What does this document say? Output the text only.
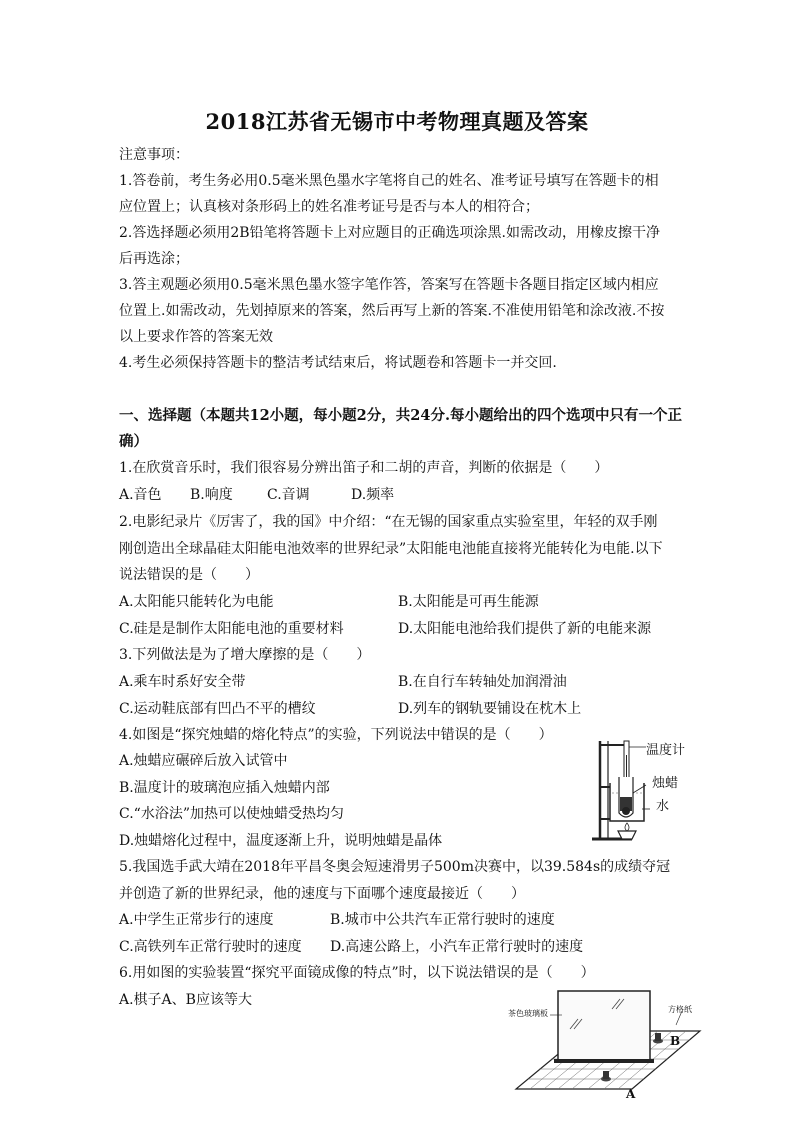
2018江苏省无锡市中考物理真题及答案
注意事项：
1.答卷前，考生务必用0.5毫米黑色墨水字笔将自己的姓名、准考证号填写在答题卡的相
应位置上；认真核对条形码上的姓名准考证号是否与本人的相符合；
2.答选择题必须用2B铅笔将答题卡上对应题目的正确选项涂黑.如需改动，用橡皮擦干净
后再选涂；
3.答主观题必须用0.5毫米黑色墨水签字笔作答，答案写在答题卡各题目指定区域内相应
位置上.如需改动，先划掉原来的答案，然后再写上新的答案.不准使用铅笔和涂改液.不按
以上要求作答的答案无效
4.考生必须保持答题卡的整洁考试结束后，将试题卷和答题卡一并交回.
一、选择题（本题共12小题，每小题2分，共24分.每小题给出的四个选项中只有一个正
确）
1.在欣赏音乐时，我们很容易分辨出笛子和二胡的声音，判断的依据是（　　）
A.音色 B.响度 C.音调	D.频率
2.电影纪录片《厉害了，我的国》中介绍：“在无锡的国家重点实验室里，年轻的双手刚
刚创造出全球晶硅太阳能电池效率的世界纪录”太阳能电池能直接将光能转化为电能.以下
说法错误的是（　　）
A.太阳能只能转化为电能	B.太阳能是可再生能源
C.硅是是制作太阳能电池的重要材料	D.太阳能电池给我们提供了新的电能来源
3.下列做法是为了增大摩擦的是（　　）
A.乘车时系好安全带	B.在自行车转轴处加润滑油
C.运动鞋底部有凹凸不平的槽纹	D.列车的钢轨要铺设在枕木上
4.如图是“探究烛蜡的熔化特点”的实验，下列说法中错误的是（　　）
A.烛蜡应碾碎后放入试管中
B.温度计的玻璃泡应插入烛蜡内部
C.“水浴法”加热可以使烛蜡受热均匀
D.烛蜡熔化过程中，温度逐渐上升，说明烛蜡是晶体
温度计
烛蜡
水
5.我国选手武大靖在2018年平昌冬奥会短速滑男子500m决赛中，以39.584s的成绩夺冠
并创造了新的世界纪录，他的速度与下面哪个速度最接近（　　）
A.中学生正常步行的速度	B.城市中公共汽车正常行驶时的速度
C.高铁列车正常行驶时的速度 D.高速公路上，小汽车正常行驶时的速度
6.用如图的实验装置“探究平面镜成像的特点”时，以下说法错误的是（　　）
A.棋子A、B应该等大
茶色玻璃板	方格纸
A
B
